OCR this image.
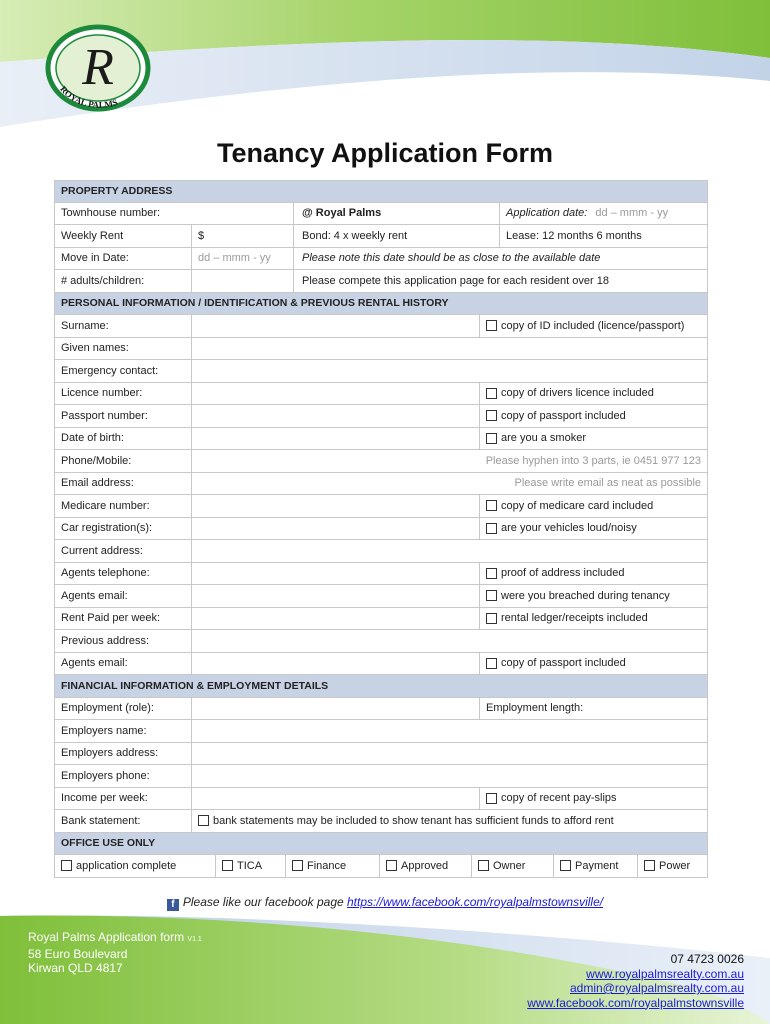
R
ROYAL PALMS
Tenancy Application Form
PROPERTY ADDRESS
Townhouse number:	@ Royal Palms	Application date: dd – mmm - yy
Weekly Rent	$	Bond: 4 x weekly rent	Lease: 12 months 6 months
Move in Date:	dd – mmm - yy	Please note this date should be as close to the available date
# adults/children:	Please compete this application page for each resident over 18
PERSONAL INFORMATION / IDENTIFICATION & PREVIOUS RENTAL HISTORY
Surname:	copy of ID included (licence/passport)
Given names:
Emergency contact:
Licence number:	copy of drivers licence included
Passport number:	copy of passport included
Date of birth:	are you a smoker
Phone/Mobile:	Please hyphen into 3 parts, ie 0451 977 123
Email address:	Please write email as neat as possible
Medicare number:	copy of medicare card included
Car registration(s):	are your vehicles loud/noisy
Current address:
Agents telephone:	proof of address included
Agents email:	were you breached during tenancy
Rent Paid per week:	rental ledger/receipts included
Previous address:
Agents email:	copy of passport included
FINANCIAL INFORMATION & EMPLOYMENT DETAILS
Employment (role):	Employment length:
Employers name:
Employers address:
Employers phone:
Income per week:	copy of recent pay-slips
Bank statement:	bank statements may be included to show tenant has sufficient funds to afford rent
OFFICE USE ONLY
application complete	TICA	Finance	Approved	Owner	Payment	Power
f Please like our facebook page https://www.facebook.com/royalpalmstownsville/
Royal Palms Application form V1.1
58 Euro Boulevard
Kirwan QLD 4817
07 4723 0026
www.royalpalmsrealty.com.au
admin@royalpalmsrealty.com.au
www.facebook.com/royalpalmstownsville
